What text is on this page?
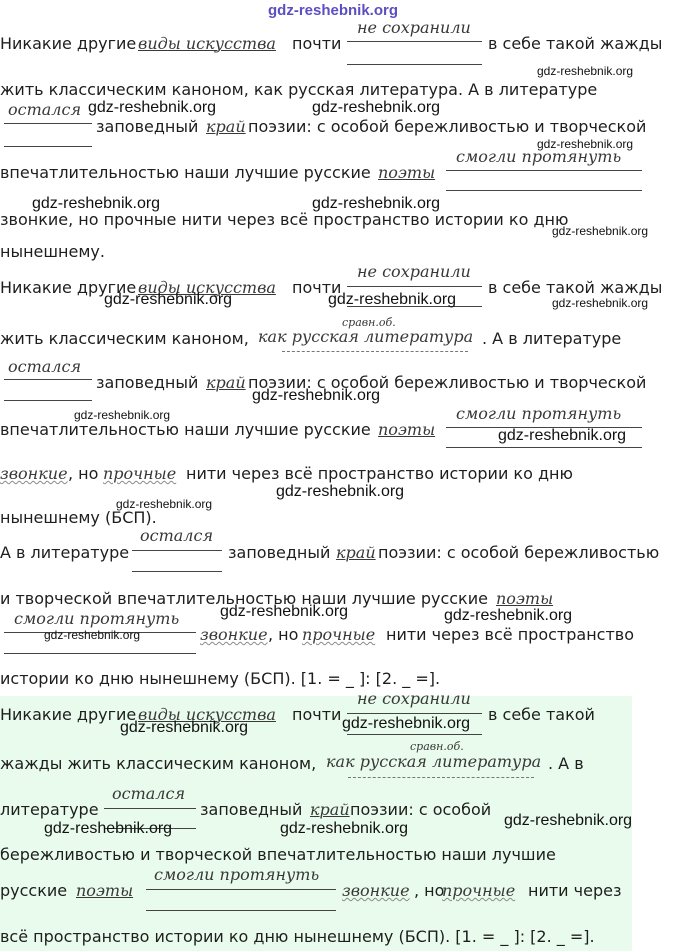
gdz-reshebnik.org
Никакие другие виды искусства почти
не сохранили
в себе такой жажды
жить классическим каноном, как русская литература. А в литературе
остался
заповедный край поэзии: с особой бережливостью и творческой
впечатлительностью наши лучшие русские поэты
смогли протянуть
звонкие, но прочные нити через всё пространство истории ко дню
нынешнему.
Никакие другие виды искусства почти
не сохранили
в себе такой жажды
жить классическим каноном,
сравн.об.
как русская литература . А в литературе
остался
заповедный край поэзии: с особой бережливостью и творческой
впечатлительностью наши лучшие русские поэты
смогли протянуть
звонкие , но прочные нити через всё пространство истории ко дню
нынешнему (БСП).
А в литературе
остался
заповедный край поэзии: с особой бережливостью
и творческой впечатлительностью наши лучшие русские поэты
смогли протянуть
звонкие , но прочные нити через всё пространство
истории ко дню нынешнему (БСП). [1. = _ ]: [2. _ =].
Никакие другие виды искусства почти
не сохранили
в себе такой
жажды жить классическим каноном,
сравн.об.
как русская литература . А в
литературе
остался
заповедный край поэзии: с особой
бережливостью и творческой впечатлительностью наши лучшие
русские поэты
смогли протянуть
звонкие , но
прочные нити через
всё пространство истории ко дню нынешнему (БСП). [1. = _ ]: [2. _ =].
gdz-reshebnik.org
gdz-reshebnik.org	gdz-reshebnik.org
gdz-reshebnik.org
gdz-reshebnik.org	gdz-reshebnik.org
gdz-reshebnik.org
gdz-reshebnik.org	gdz-reshebnik.org	gdz-reshebnik.org
gdz-reshebnik.org
gdz-reshebnik.org
gdz-reshebnik.org
gdz-reshebnik.org
gdz-reshebnik.org
gdz-reshebnik.org	gdz-reshebnik.org
gdz-reshebnik.org
gdz-reshebnik.org	gdz-reshebnik.org
gdz-reshebnik.org	gdz-reshebnik.org	gdz-reshebnik.org
